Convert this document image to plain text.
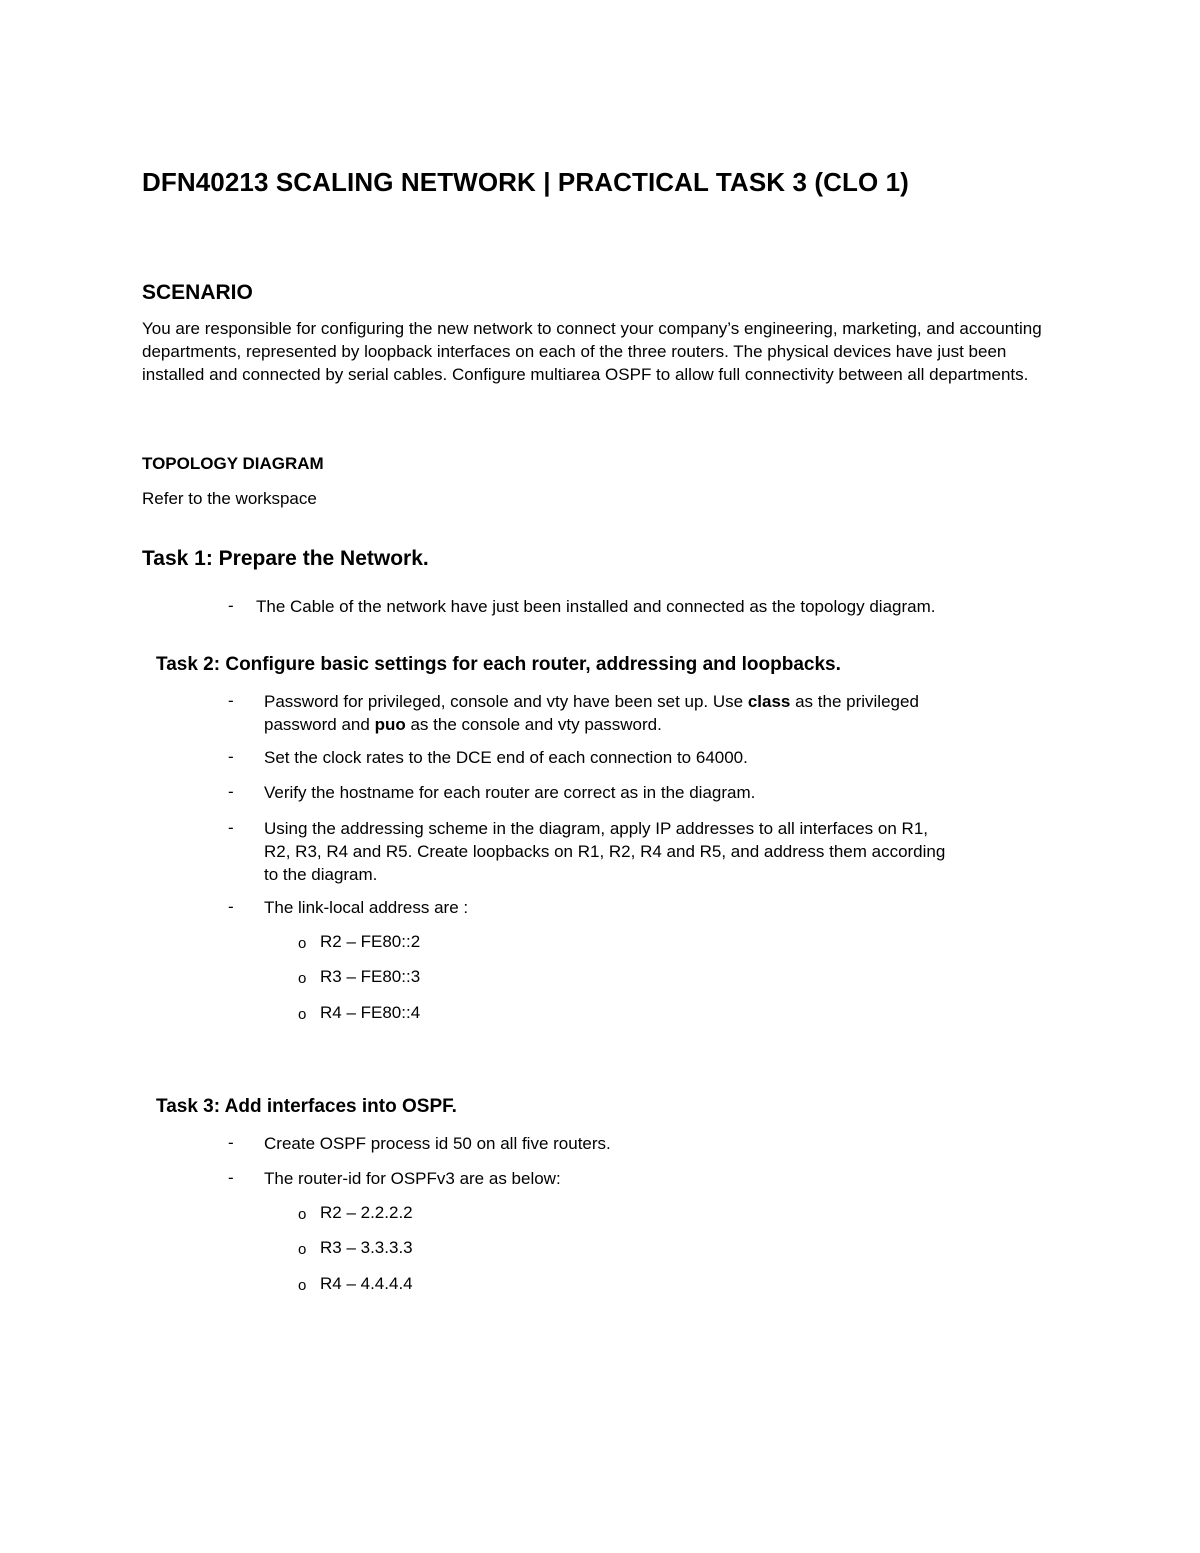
DFN40213 SCALING NETWORK | PRACTICAL TASK 3 (CLO 1)
SCENARIO
You are responsible for configuring the new network to connect your company’s engineering, marketing, and accounting departments, represented by loopback interfaces on each of the three routers. The physical devices have just been installed and connected by serial cables. Configure multiarea OSPF to allow full connectivity between all departments.
TOPOLOGY DIAGRAM
Refer to the workspace
Task 1: Prepare the Network.
- The Cable of the network have just been installed and connected as the topology diagram.
Task 2: Configure basic settings for each router, addressing and loopbacks.
- Password for privileged, console and vty have been set up. Use class as the privileged
password and puo as the console and vty password.
- Set the clock rates to the DCE end of each connection to 64000.
- Verify the hostname for each router are correct as in the diagram.
- Using the addressing scheme in the diagram, apply IP addresses to all interfaces on R1,
R2, R3, R4 and R5. Create loopbacks on R1, R2, R4 and R5, and address them according
to the diagram.
- The link-local address are :
o R2 – FE80::2
o R3 – FE80::3
o R4 – FE80::4
Task 3: Add interfaces into OSPF.
- Create OSPF process id 50 on all five routers.
- The router-id for OSPFv3 are as below:
o R2 – 2.2.2.2
o R3 – 3.3.3.3
o R4 – 4.4.4.4
